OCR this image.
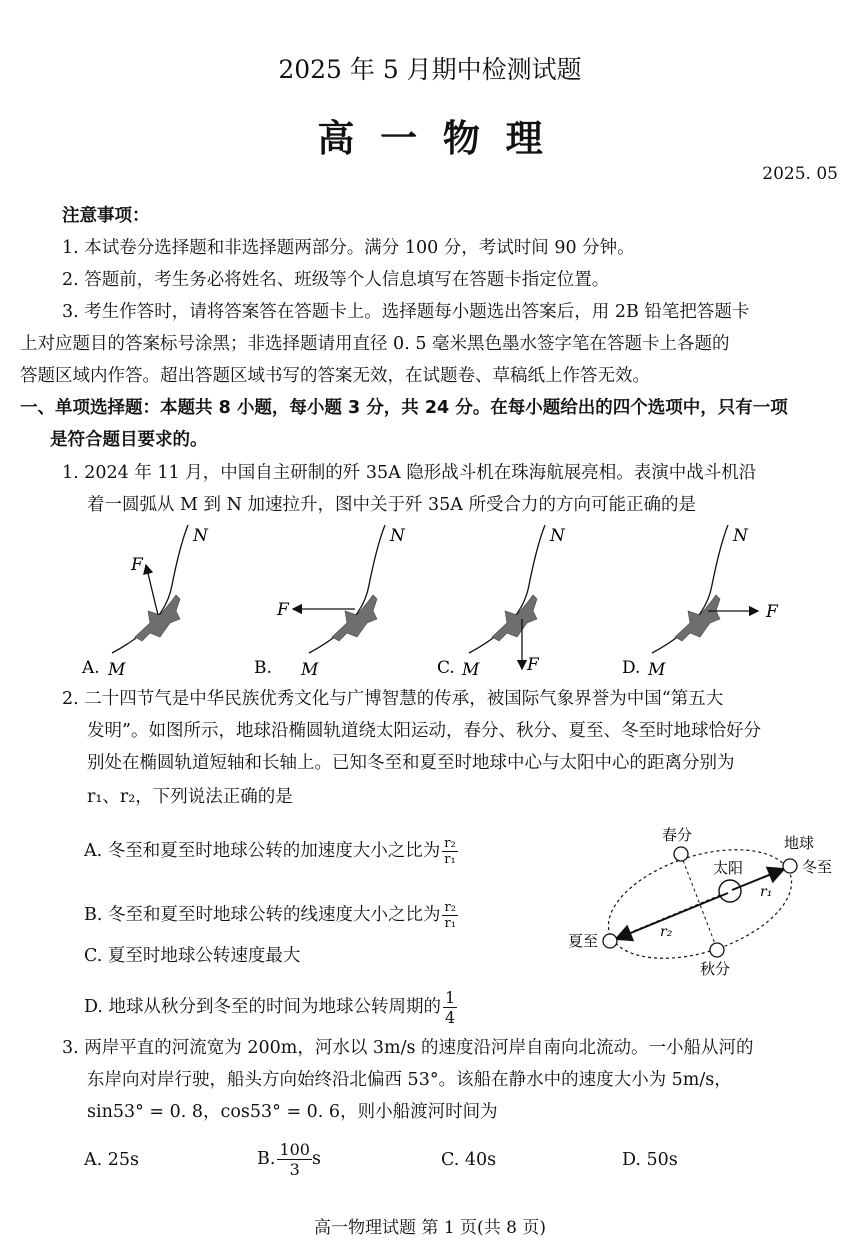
2025 年 5 月期中检测试题
高  一  物  理
2025. 05
注意事项：
1. 本试卷分选择题和非选择题两部分。满分 100 分，考试时间 90 分钟。
2. 答题前，考生务必将姓名、班级等个人信息填写在答题卡指定位置。
3. 考生作答时，请将答案答在答题卡上。选择题每小题选出答案后，用 2B 铅笔把答题卡
上对应题目的答案标号涂黑；非选择题请用直径 0. 5 毫米黑色墨水签字笔在答题卡上各题的
答题区域内作答。超出答题区域书写的答案无效，在试题卷、草稿纸上作答无效。
一、单项选择题：本题共 8 小题，每小题 3 分，共 24 分。在每小题给出的四个选项中，只有一项
是符合题目要求的。
1. 2024 年 11 月，中国自主研制的歼 35A 隐形战斗机在珠海航展亮相。表演中战斗机沿
着一圆弧从 M 到 N 加速拉升，图中关于歼 35A 所受合力的方向可能正确的是
F
N
A. M
F
N
B. M	F
N
C. M
F
N
D. M
2. 二十四节气是中华民族优秀文化与广博智慧的传承，被国际气象界誉为中国“第五大
发明”。如图所示，地球沿椭圆轨道绕太阳运动，春分、秋分、夏至、冬至时地球恰好分
别处在椭圆轨道短轴和长轴上。已知冬至和夏至时地球中心与太阳中心的距离分别为
r₁、r₂，下列说法正确的是
A. 冬至和夏至时地球公转的加速度大小之比为 $\frac{\text{r₂}}{\text{r₁}}$
B. 冬至和夏至时地球公转的线速度大小之比为 $\frac{\text{r₂}}{\text{r₁}}$
C. 夏至时地球公转速度最大
D. 地球从秋分到冬至的时间为地球公转周期的 $\frac{1}{4}$
春分	地球
太阳	冬至
夏至
秋分
r₁
r₂
3. 两岸平直的河流宽为 200m，河水以 3m/s 的速度沿河岸自南向北流动。一小船从河的
东岸向对岸行驶，船头方向始终沿北偏西 53°。该船在静水中的速度大小为 5m/s，
sin53° = 0. 8，cos53° = 0. 6，则小船渡河时间为
A. 25s	B. $\frac{100}{3}$ s	C. 40s	D. 50s
高一物理试题 第 1 页(共 8 页)
